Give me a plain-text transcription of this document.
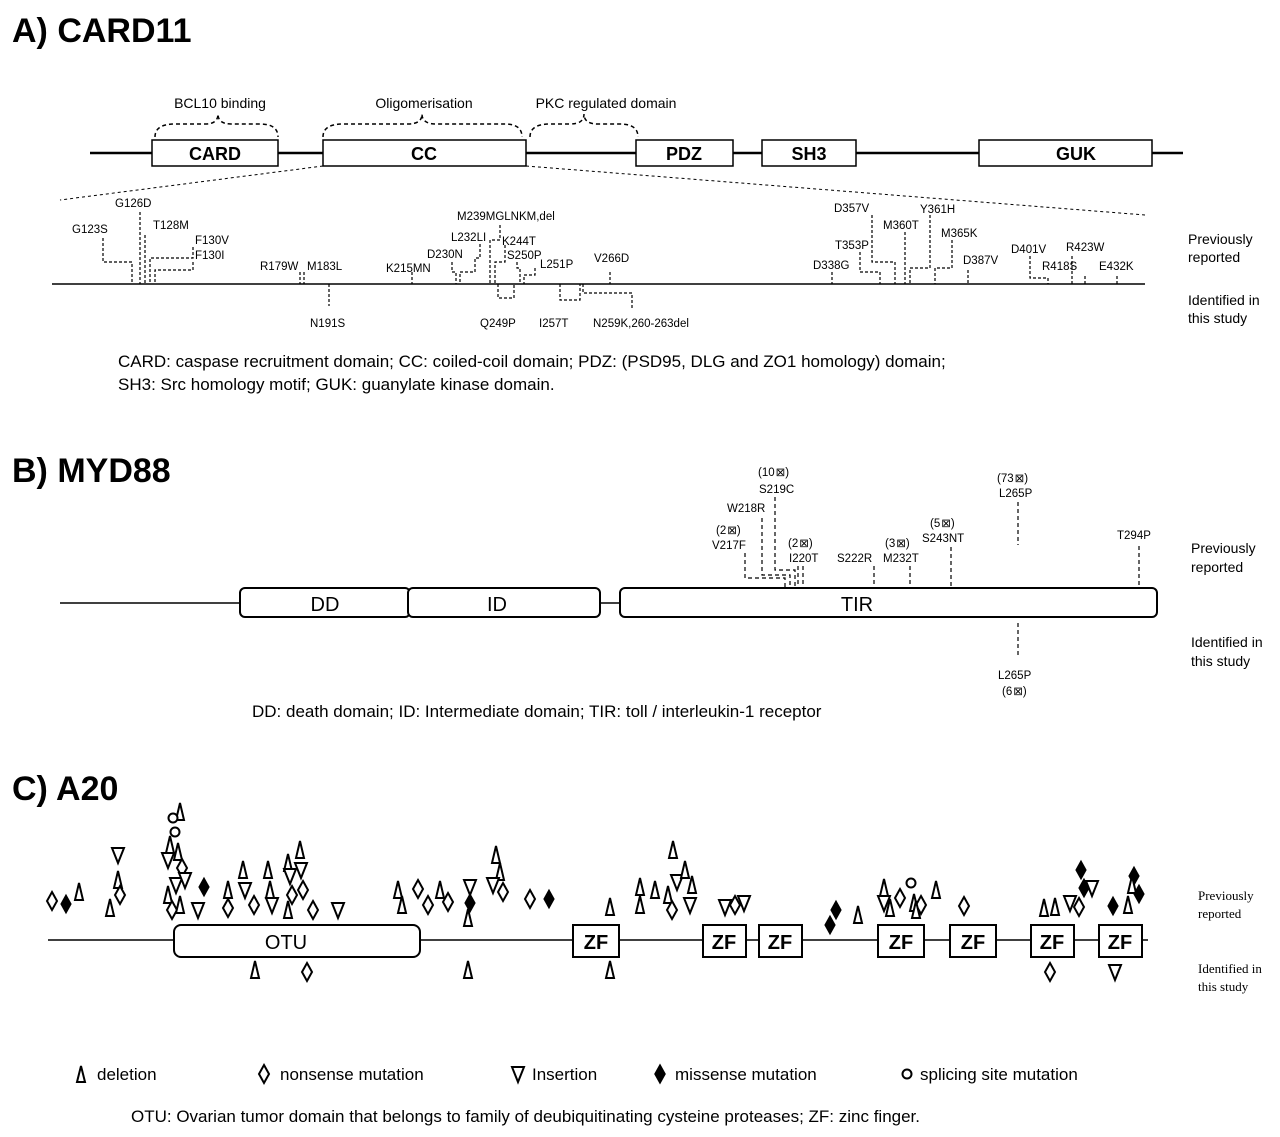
A) CARD11
BCL10 binding	Oligomerisation	PKC regulated domain
CARD	CC	PDZ	SH3	GUK
G123S
G126D
T128M
F130V
F130I
R179W M183L	K215MN
D230N
L232LI
M239MGLNKM,del
K244T
S250P
L251P V266D
D338G
T353P
D357V
M360T
Y361H
M365K
D387V
D401V
R418S
R423W
E432K
N191S	Q249P I257T N259K,260-263del
Previously
reported
Identified in
this study
CARD: caspase recruitment domain; CC: coiled-coil domain; PDZ: (PSD95, DLG and ZO1 homology) domain;
SH3: Src homology motif; GUK: guanylate kinase domain.
B) MYD88
DD	ID	TIR
(2 ⊠)
V217F
W218R
(10 ⊠)
S219C
(2 ⊠)
I220T S222R
(3 ⊠)
M232T
(5 ⊠)
S243NT
(73 ⊠)
L265P
T294P
L265P
(6 ⊠)
Previously
reported
Identified in
this study
DD: death domain; ID: Intermediate domain; TIR: toll / interleukin-1 receptor
C) A20
OTU	ZF	ZF ZF	ZF ZF	ZF ZF
Previously
reported
Identified in
this study
deletion	nonsense mutation	Insertion	missense mutation	splicing site mutation
OTU: Ovarian tumor domain that belongs to family of deubiquitinating cysteine proteases; ZF: zinc finger.
